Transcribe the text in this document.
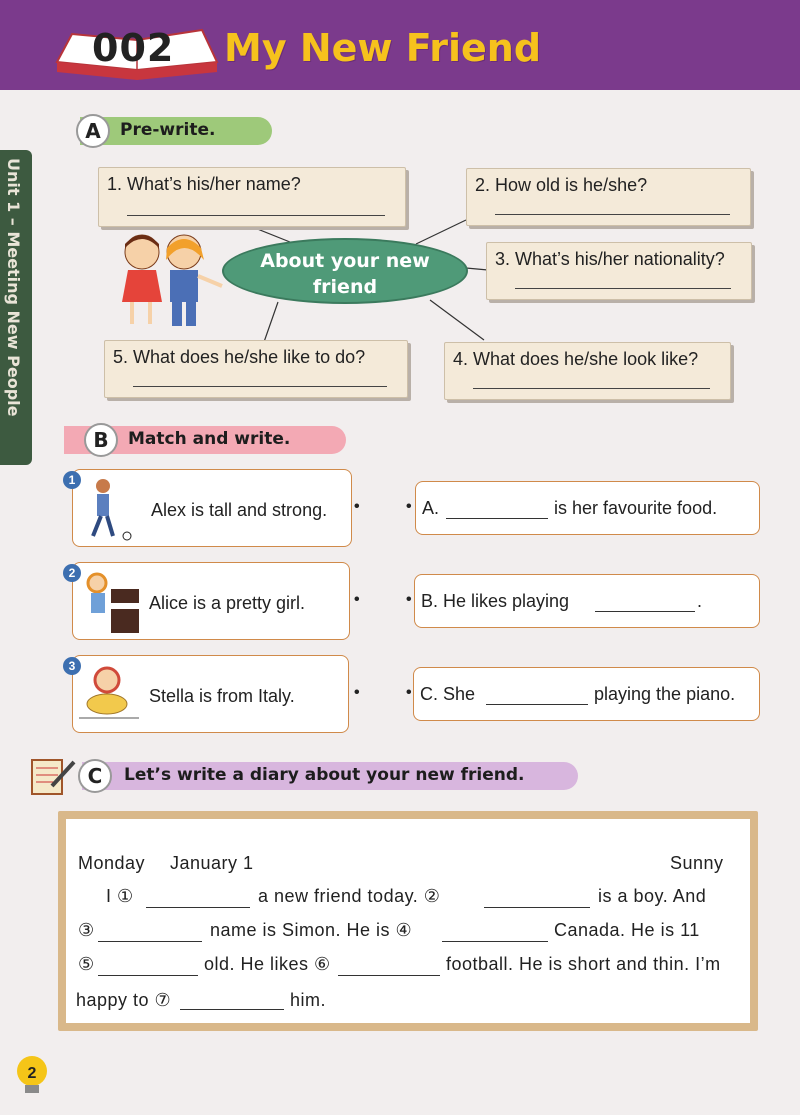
002 My New Friend
Unit 1 – Meeting New People
A	Pre-write.
1. What’s his/her name?	2. How old is he/she?
3. What’s his/her nationality?
4. What does he/she look like?
5. What does he/she like to do?
About your new
friend
B	Match and write.
Alex is tall and strong.
1
Alice is a pretty girl.
2
Stella is from Italy.
3
•
•
•
•
•
•
A.	is her favourite food.
B. He likes playing	.
C. She	playing the piano.
C	Let’s write a diary about your new friend.
Monday January 1	Sunny
I ①	a new friend today. ②	is a boy. And
③	name is Simon. He is ④	Canada. He is 11
⑤	old. He likes ⑥	football. He is short and thin. I’m
happy to ⑦	him.
2
